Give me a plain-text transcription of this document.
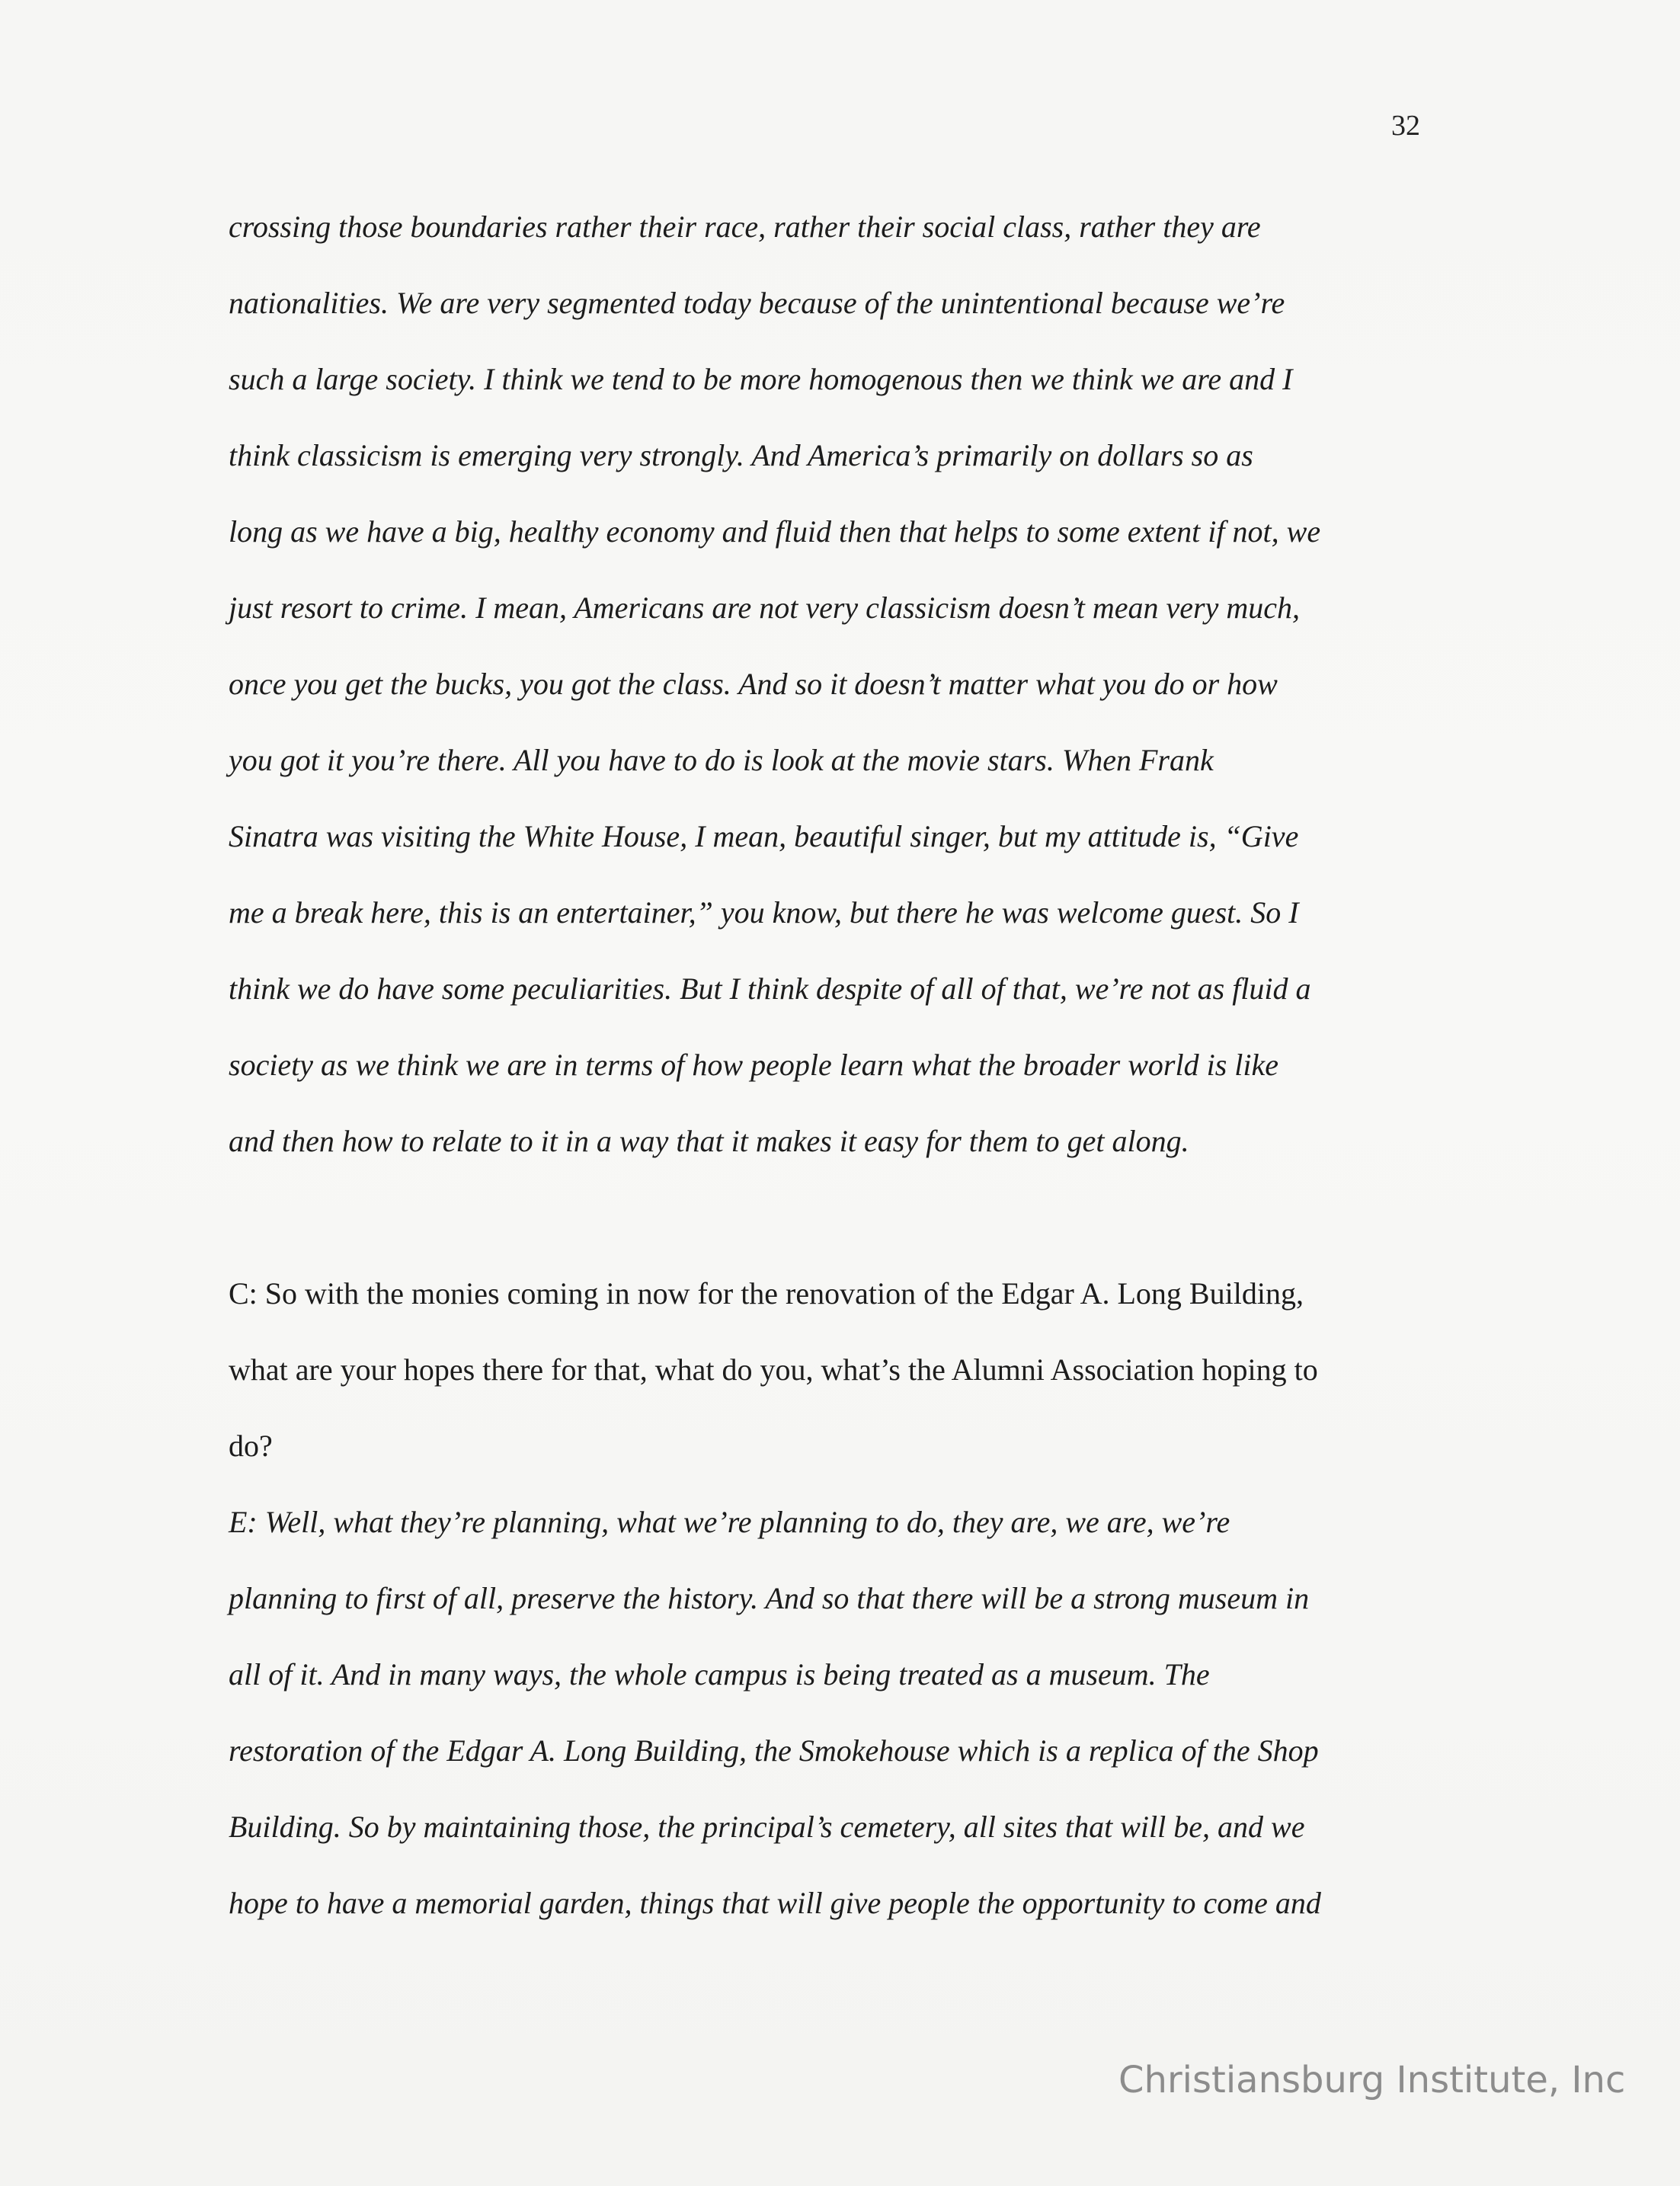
32
crossing those boundaries rather their race, rather their social class, rather they are
nationalities. We are very segmented today because of the unintentional because we’re
such a large society. I think we tend to be more homogenous then we think we are and I
think classicism is emerging very strongly. And America’s primarily on dollars so as
long as we have a big, healthy economy and fluid then that helps to some extent if not, we
just resort to crime. I mean, Americans are not very classicism doesn’t mean very much,
once you get the bucks, you got the class. And so it doesn’t matter what you do or how
you got it you’re there. All you have to do is look at the movie stars. When Frank
Sinatra was visiting the White House, I mean, beautiful singer, but my attitude is, “Give
me a break here, this is an entertainer,” you know, but there he was welcome guest. So I
think we do have some peculiarities. But I think despite of all of that, we’re not as fluid a
society as we think we are in terms of how people learn what the broader world is like
and then how to relate to it in a way that it makes it easy for them to get along.
C: So with the monies coming in now for the renovation of the Edgar A. Long Building,
what are your hopes there for that, what do you, what’s the Alumni Association hoping to
do?
E: Well, what they’re planning, what we’re planning to do, they are, we are, we’re
planning to first of all, preserve the history. And so that there will be a strong museum in
all of it. And in many ways, the whole campus is being treated as a museum. The
restoration of the Edgar A. Long Building, the Smokehouse which is a replica of the Shop
Building. So by maintaining those, the principal’s cemetery, all sites that will be, and we
hope to have a memorial garden, things that will give people the opportunity to come and
Christiansburg Institute, Inc
